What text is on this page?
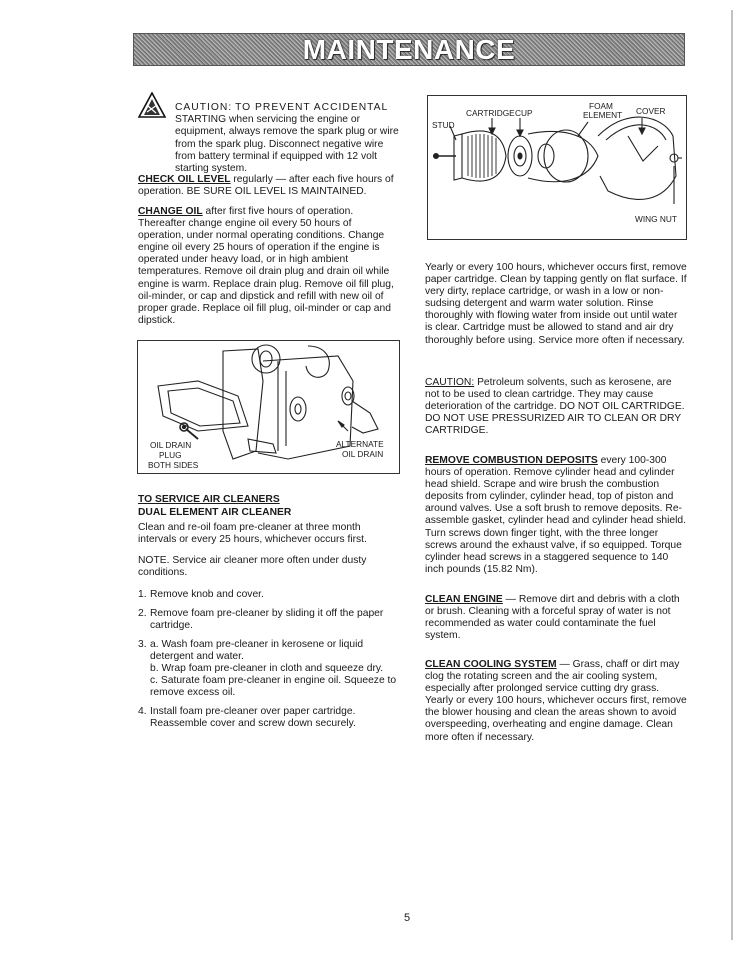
MAINTENANCE

CAUTION: TO PREVENT ACCIDENTAL STARTING when servicing the engine or equipment, always remove the spark plug or wire from the spark plug. Disconnect negative wire from battery terminal if equipped with 12 volt starting system.

CHECK OIL LEVEL regularly — after each five hours of operation. BE SURE OIL LEVEL IS MAINTAINED.

CHANGE OIL after first five hours of operation. Thereafter change engine oil every 50 hours of operation, under normal operating conditions. Change engine oil every 25 hours of operation if the engine is operated under heavy load, or in high ambient temperatures. Remove oil drain plug and drain oil while engine is warm. Replace drain plug. Remove oil fill plug, oil-minder, or cap and dipstick and refill with new oil of proper grade. Replace oil fill plug, oil-minder or cap and dipstick.

OIL DRAIN
PLUG
BOTH SIDES
ALTERNATE
OIL DRAIN

TO SERVICE AIR CLEANERS

DUAL ELEMENT AIR CLEANER

Clean and re-oil foam pre-cleaner at three month intervals or every 25 hours, whichever occurs first.

NOTE. Service air cleaner more often under dusty conditions.

1. Remove knob and cover.
2. Remove foam pre-cleaner by sliding it off the paper cartridge.
3. a. Wash foam pre-cleaner in kerosene or liquid detergent and water.
b. Wrap foam pre-cleaner in cloth and squeeze dry.
c. Saturate foam pre-cleaner in engine oil. Squeeze to remove excess oil.
4. Install foam pre-cleaner over paper cartridge. Reassemble cover and screw down securely.
STUD
CARTRIDGE CUP
FOAM
ELEMENT COVER
WING NUT

Yearly or every 100 hours, whichever occurs first, remove paper cartridge. Clean by tapping gently on flat surface. If very dirty, replace cartridge, or wash in a low or non-sudsing detergent and warm water solution. Rinse thoroughly with flowing water from inside out until water is clear. Cartridge must be allowed to stand and air dry thoroughly before using. Service more often if necessary.

CAUTION: Petroleum solvents, such as kerosene, are not to be used to clean cartridge. They may cause deterioration of the cartridge. DO NOT OIL CARTRIDGE. DO NOT USE PRESSURIZED AIR TO CLEAN OR DRY CARTRIDGE.

REMOVE COMBUSTION DEPOSITS every 100-300 hours of operation. Remove cylinder head and cylinder head shield. Scrape and wire brush the combustion deposits from cylinder, cylinder head, top of piston and around valves. Use a soft brush to remove deposits. Re-assemble gasket, cylinder head and cylinder head shield. Turn screws down finger tight, with the three longer screws around the exhaust valve, if so equipped. Torque cylinder head screws in a staggered sequence to 140 inch pounds (15.82 Nm).

CLEAN ENGINE — Remove dirt and debris with a cloth or brush. Cleaning with a forceful spray of water is not recommended as water could contaminate the fuel system.

CLEAN COOLING SYSTEM — Grass, chaff or dirt may clog the rotating screen and the air cooling system, especially after prolonged service cutting dry grass. Yearly or every 100 hours, whichever occurs first, remove the blower housing and clean the areas shown to avoid overspeeding, overheating and engine damage. Clean more often if necessary.

5
